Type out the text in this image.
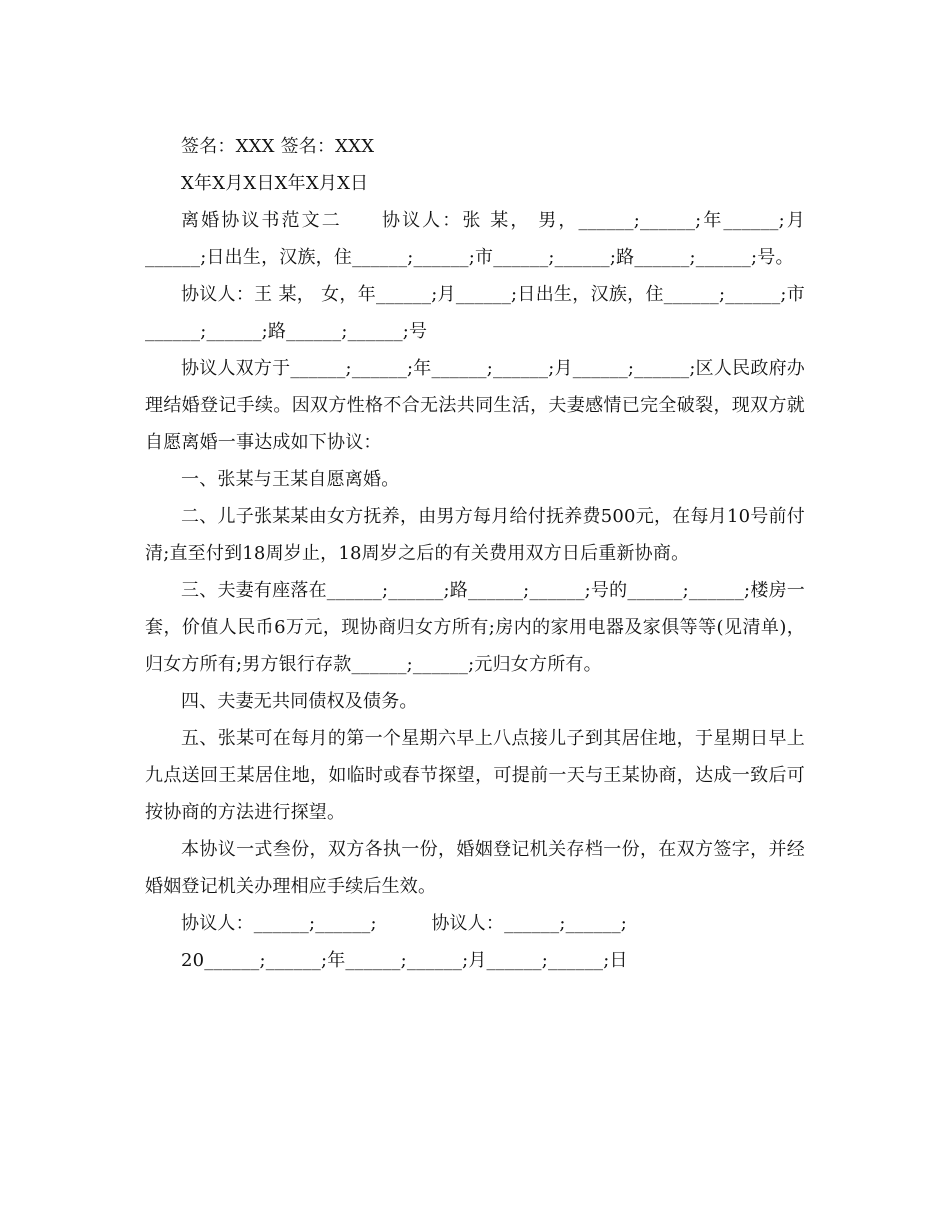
签名：XXX 签名：XXX

X年X月X日X年X月X日

离婚协议书范文二　　协议人：张 某， 男，______;______;年______;月______;日出生，汉族，住______;______;市______;______;路______;______;号。

协议人：王 某， 女，年______;月______;日出生，汉族，住______;______;市______;______;路______;______;号

协议人双方于______;______;年______;______;月______;______;区人民政府办理结婚登记手续。因双方性格不合无法共同生活，夫妻感情已完全破裂，现双方就自愿离婚一事达成如下协议：

一、张某与王某自愿离婚。

二、儿子张某某由女方抚养，由男方每月给付抚养费500元，在每月10号前付清;直至付到18周岁止，18周岁之后的有关费用双方日后重新协商。

三、夫妻有座落在______;______;路______;______;号的______;______;楼房一套，价值人民币6万元，现协商归女方所有;房内的家用电器及家俱等等(见清单)，归女方所有;男方银行存款______;______;元归女方所有。

四、夫妻无共同债权及债务。

五、张某可在每月的第一个星期六早上八点接儿子到其居住地，于星期日早上九点送回王某居住地，如临时或春节探望，可提前一天与王某协商，达成一致后可按协商的方法进行探望。

本协议一式叁份，双方各执一份，婚姻登记机关存档一份，在双方签字，并经婚姻登记机关办理相应手续后生效。

协议人：______;______;　　　协议人：______;______;

20______;______;年______;______;月______;______;日
